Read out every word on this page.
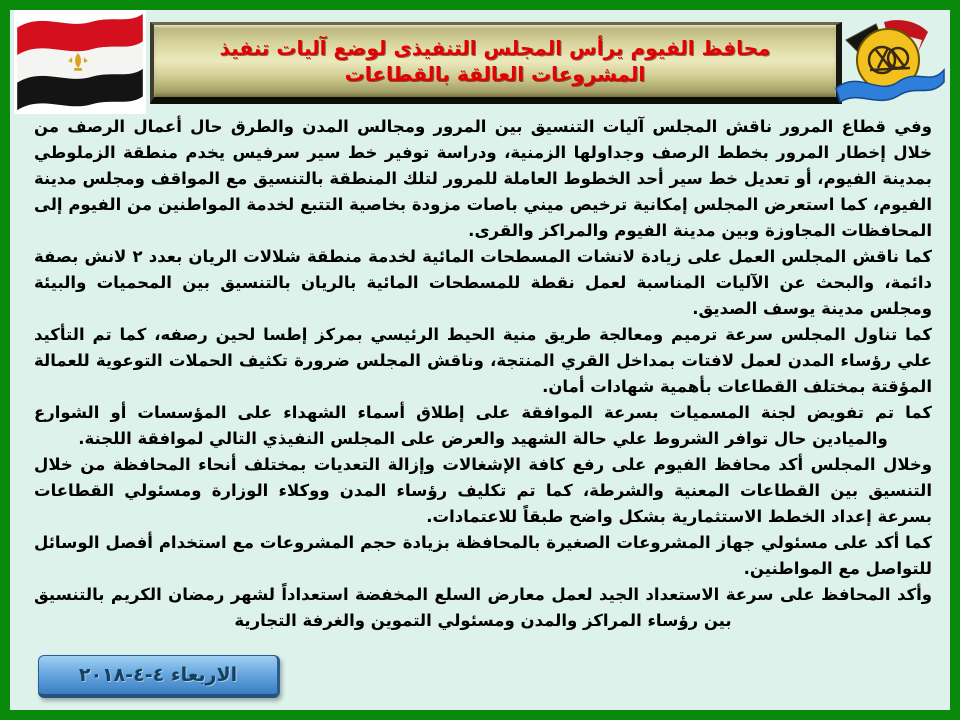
محافظ الفيوم يرأس المجلس التنفيذى لوضع آليات تنفيذ المشروعات العالقة بالقطاعات

وفي قطاع المرور ناقش المجلس آليات التنسيق بين المرور ومجالس المدن والطرق حال أعمال الرصف من خلال إخطار المرور بخطط الرصف وجداولها الزمنية، ودراسة توفير خط سير سرفيس يخدم منطقة الزملوطي بمدينة الفيوم، أو تعديل خط سير أحد الخطوط العاملة للمرور لتلك المنطقة بالتنسيق مع المواقف ومجلس مدينة الفيوم، كما استعرض المجلس إمكانية ترخيص ميني باصات مزودة بخاصية التتبع لخدمة المواطنين من الفيوم إلى المحافظات المجاوزة وبين مدينة الفيوم والمراكز والقرى.

كما ناقش المجلس العمل على زيادة لانشات المسطحات المائية لخدمة منطقة شلالات الريان بعدد ٢ لانش بصفة دائمة، والبحث عن الآليات المناسبة لعمل نقطة للمسطحات المائية بالريان بالتنسيق بين المحميات والبيئة ومجلس مدينة يوسف الصديق.

كما تناول المجلس سرعة ترميم ومعالجة طريق منية الحيط الرئيسي بمركز إطسا لحين رصفه، كما تم التأكيد علي رؤساء المدن لعمل لافتات بمداخل القري المنتجة، وناقش المجلس ضرورة تكثيف الحملات التوعوية للعمالة المؤقتة بمختلف القطاعات بأهمية شهادات أمان.

كما تم تفويض لجنة المسميات بسرعة الموافقة على إطلاق أسماء الشهداء على المؤسسات أو الشوارع والميادين حال توافر الشروط علي حالة الشهيد والعرض على المجلس النفيذي التالي لموافقة اللجنة.

وخلال المجلس أكد محافظ الفيوم على رفع كافة الإشغالات وإزالة التعديات بمختلف أنحاء المحافظة من خلال التنسيق بين القطاعات المعنية والشرطة، كما تم تكليف رؤساء المدن ووكلاء الوزارة ومسئولي القطاعات بسرعة إعداد الخطط الاستثمارية بشكل واضح طبقاً للاعتمادات.

كما أكد على مسئولي جهاز المشروعات الصغيرة بالمحافظة بزيادة حجم المشروعات مع استخدام أفصل الوسائل للتواصل مع المواطنين.

وأكد المحافظ على سرعة الاستعداد الجيد لعمل معارض السلع المخفضة استعداداً لشهر رمضان الكريم بالتنسيق بين رؤساء المراكز والمدن ومسئولي التموين والغرفة التجارية

الاربعاء ٤-٤-٢٠١٨
